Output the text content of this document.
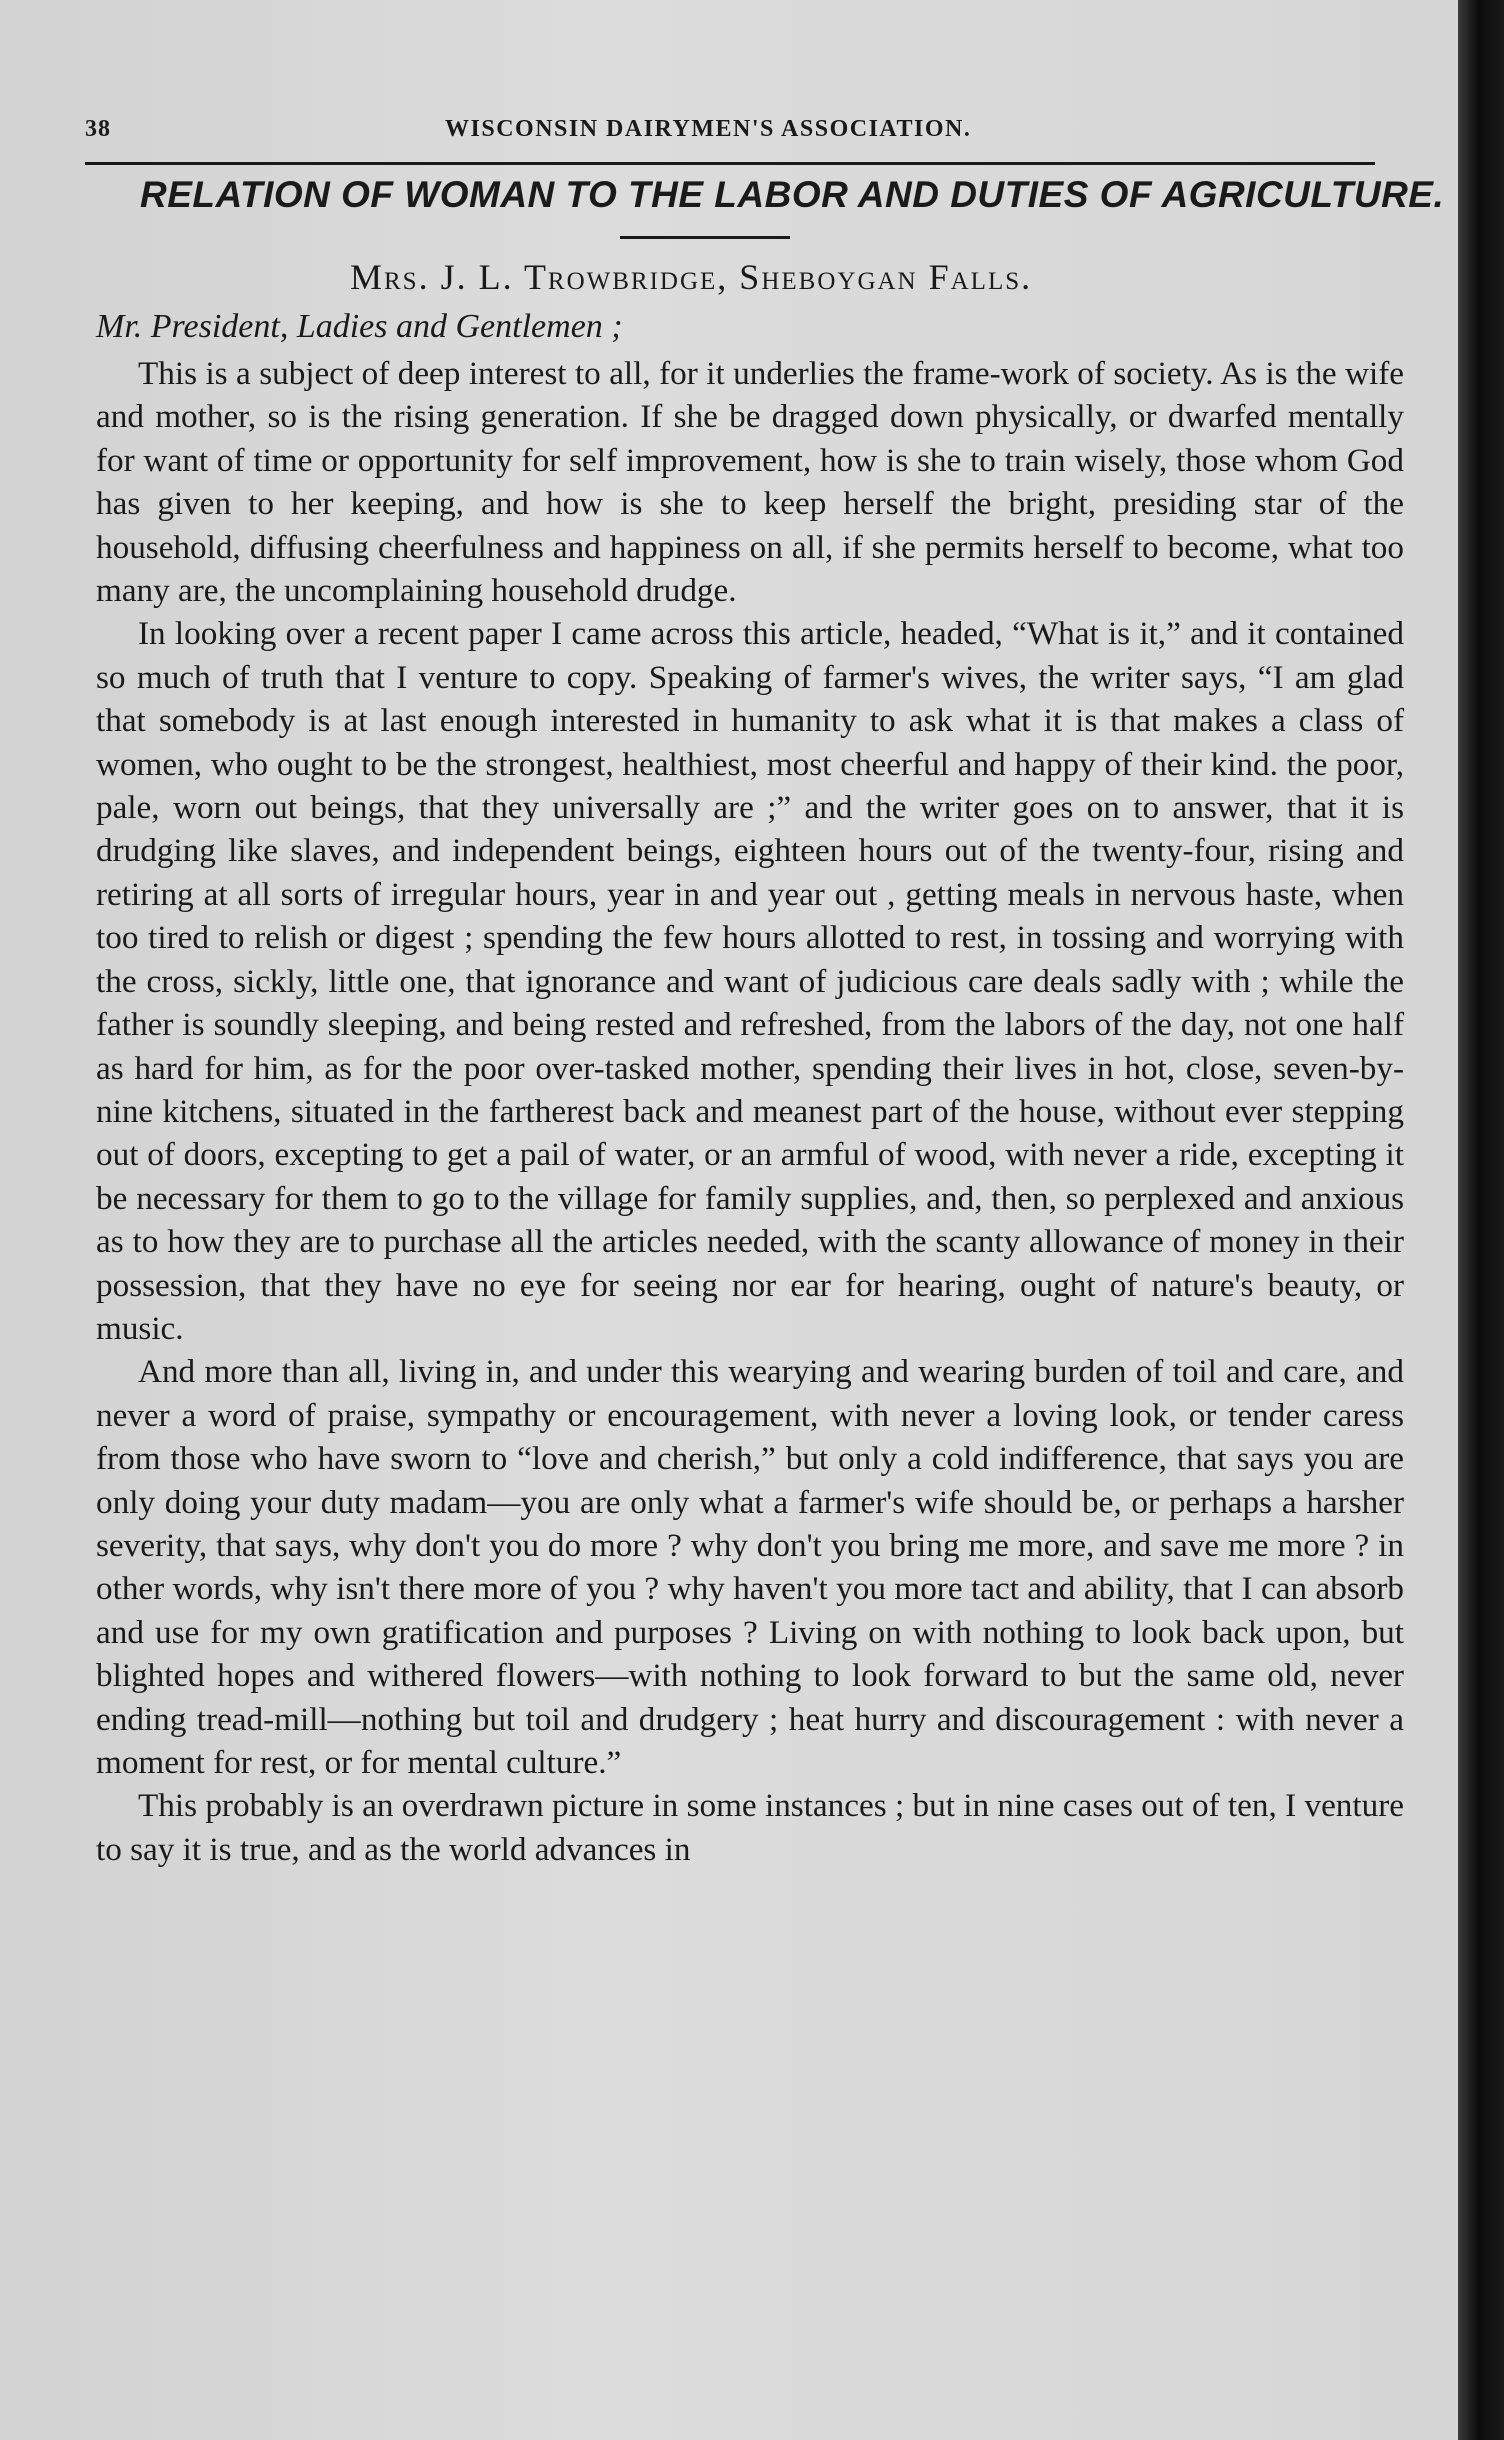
38	WISCONSIN DAIRYMEN'S ASSOCIATION.
RELATION OF WOMAN TO THE LABOR AND DUTIES OF AGRICULTURE.
Mrs. J. L. Trowbridge, Sheboygan Falls.
Mr. President, Ladies and Gentlemen ;

This is a subject of deep interest to all, for it underlies the frame-work of society. As is the wife and mother, so is the rising generation. If she be dragged down physically, or dwarfed mentally for want of time or opportunity for self improvement, how is she to train wisely, those whom God has given to her keeping, and how is she to keep herself the bright, presiding star of the household, diffusing cheerfulness and happiness on all, if she permits herself to become, what too many are, the uncomplaining household drudge.

In looking over a recent paper I came across this article, headed, “What is it,” and it contained so much of truth that I venture to copy. Speaking of farmer's wives, the writer says, “I am glad that somebody is at last enough interested in humanity to ask what it is that makes a class of women, who ought to be the strongest, healthiest, most cheerful and happy of their kind. the poor, pale, worn out beings, that they universally are ;” and the writer goes on to answer, that it is drudging like slaves, and independent beings, eighteen hours out of the twenty-four, rising and retiring at all sorts of irregular hours, year in and year out , getting meals in nervous haste, when too tired to relish or digest ; spending the few hours allotted to rest, in tossing and worrying with the cross, sickly, little one, that ignorance and want of judicious care deals sadly with ; while the father is soundly sleeping, and being rested and refreshed, from the labors of the day, not one half as hard for him, as for the poor over-tasked mother, spending their lives in hot, close, seven-by-nine kitchens, situated in the fartherest back and meanest part of the house, without ever stepping out of doors, excepting to get a pail of water, or an armful of wood, with never a ride, excepting it be necessary for them to go to the village for family supplies, and, then, so perplexed and anxious as to how they are to purchase all the articles needed, with the scanty allowance of money in their possession, that they have no eye for seeing nor ear for hearing, ought of nature's beauty, or music.

And more than all, living in, and under this wearying and wearing burden of toil and care, and never a word of praise, sympathy or encouragement, with never a loving look, or tender caress from those who have sworn to “love and cherish,” but only a cold indifference, that says you are only doing your duty madam—you are only what a farmer's wife should be, or perhaps a harsher severity, that says, why don't you do more ? why don't you bring me more, and save me more ? in other words, why isn't there more of you ? why haven't you more tact and ability, that I can absorb and use for my own gratification and purposes ? Living on with nothing to look back upon, but blighted hopes and withered flowers—with nothing to look forward to but the same old, never ending tread-mill—nothing but toil and drudgery ; heat hurry and discouragement : with never a moment for rest, or for mental culture.”

This probably is an overdrawn picture in some instances ; but in nine cases out of ten, I venture to say it is true, and as the world advances in
